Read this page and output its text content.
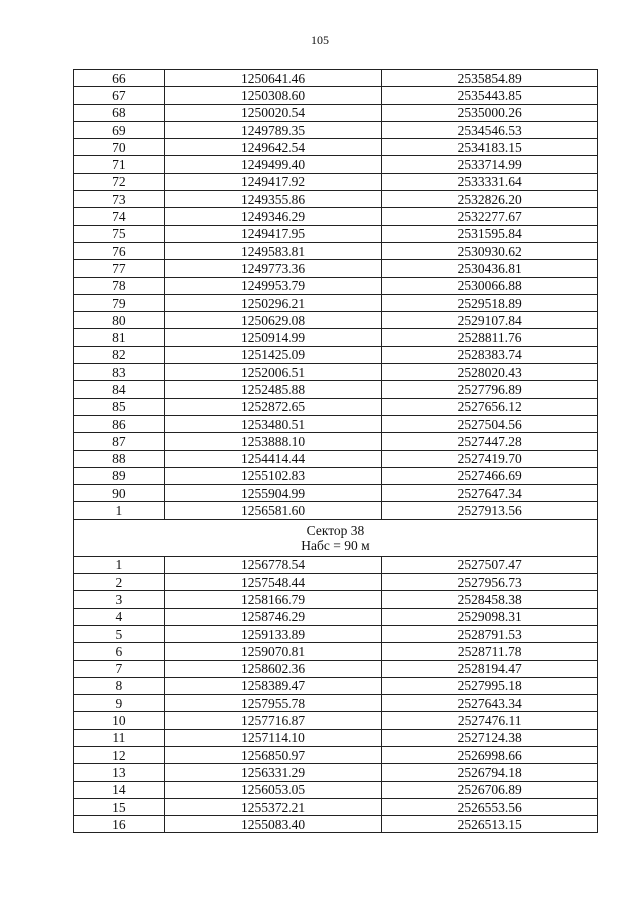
105
66	1250641.46	2535854.89
67	1250308.60	2535443.85
68	1250020.54	2535000.26
69	1249789.35	2534546.53
70	1249642.54	2534183.15
71	1249499.40	2533714.99
72	1249417.92	2533331.64
73	1249355.86	2532826.20
74	1249346.29	2532277.67
75	1249417.95	2531595.84
76	1249583.81	2530930.62
77	1249773.36	2530436.81
78	1249953.79	2530066.88
79	1250296.21	2529518.89
80	1250629.08	2529107.84
81	1250914.99	2528811.76
82	1251425.09	2528383.74
83	1252006.51	2528020.43
84	1252485.88	2527796.89
85	1252872.65	2527656.12
86	1253480.51	2527504.56
87	1253888.10	2527447.28
88	1254414.44	2527419.70
89	1255102.83	2527466.69
90	1255904.99	2527647.34
1	1256581.60	2527913.56

Сектор 38
Набс = 90 м		

1	1256778.54	2527507.47
2	1257548.44	2527956.73
3	1258166.79	2528458.38
4	1258746.29	2529098.31
5	1259133.89	2528791.53
6	1259070.81	2528711.78
7	1258602.36	2528194.47
8	1258389.47	2527995.18
9	1257955.78	2527643.34
10	1257716.87	2527476.11
11	1257114.10	2527124.38
12	1256850.97	2526998.66
13	1256331.29	2526794.18
14	1256053.05	2526706.89
15	1255372.21	2526553.56
16	1255083.40	2526513.15
